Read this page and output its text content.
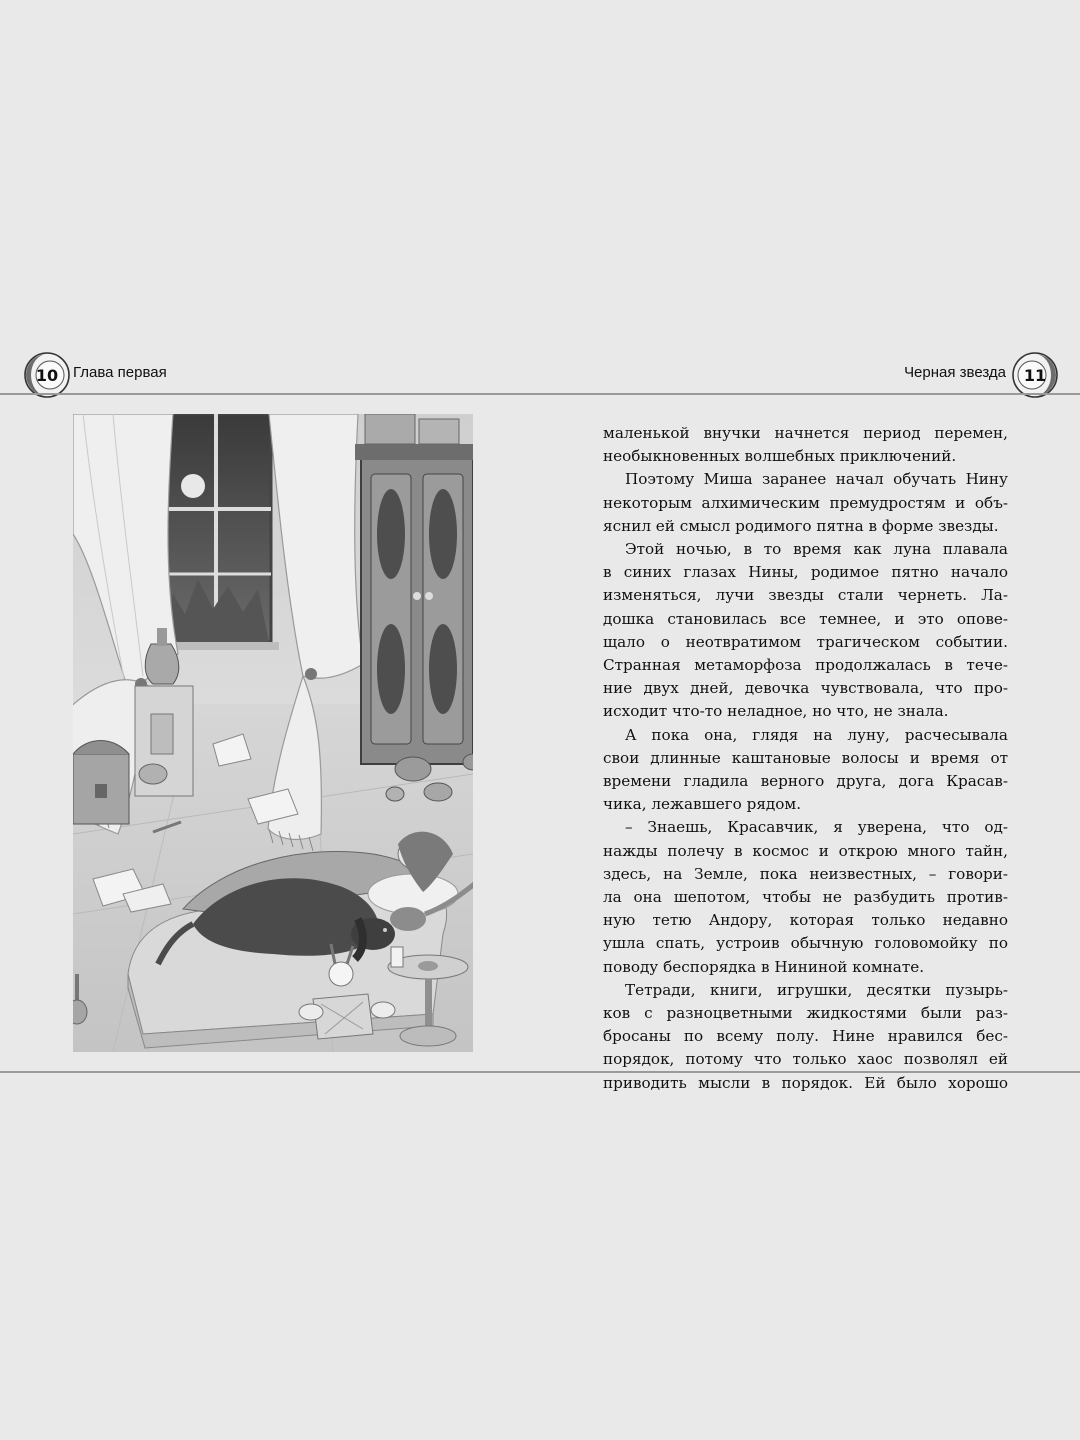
10 Глава первая	Черная звезда	11
маленькой внучки начнется период перемен,
необыкновенных волшебных приключений.
Поэтому Миша заранее начал обучать Нину
некоторым алхимическим премудростям и объ-
яснил ей смысл родимого пятна в форме звезды.
Этой ночью, в то время как луна плавала
в синих глазах Нины, родимое пятно начало
изменяться, лучи звезды стали чернеть. Ла-
дошка становилась все темнее, и это опове-
щало о неотвратимом трагическом событии.
Странная метаморфоза продолжалась в тече-
ние двух дней, девочка чувствовала, что про-
исходит что-то неладное, но что, не знала.
А пока она, глядя на луну, расчесывала
свои длинные каштановые волосы и время от
времени гладила верного друга, дога Красав-
чика, лежавшего рядом.
– Знаешь, Красавчик, я уверена, что од-
нажды полечу в космос и открою много тайн,
здесь, на Земле, пока неизвестных, – говори-
ла она шепотом, чтобы не разбудить против-
ную тетю Андору, которая только недавно
ушла спать, устроив обычную головомойку по
поводу беспорядка в Нининой комнате.
Тетради, книги, игрушки, десятки пузырь-
ков с разноцветными жидкостями были раз-
бросаны по всему полу. Нине нравился бес-
порядок, потому что только хаос позволял ей
приводить мысли в порядок. Ей было хорошо
